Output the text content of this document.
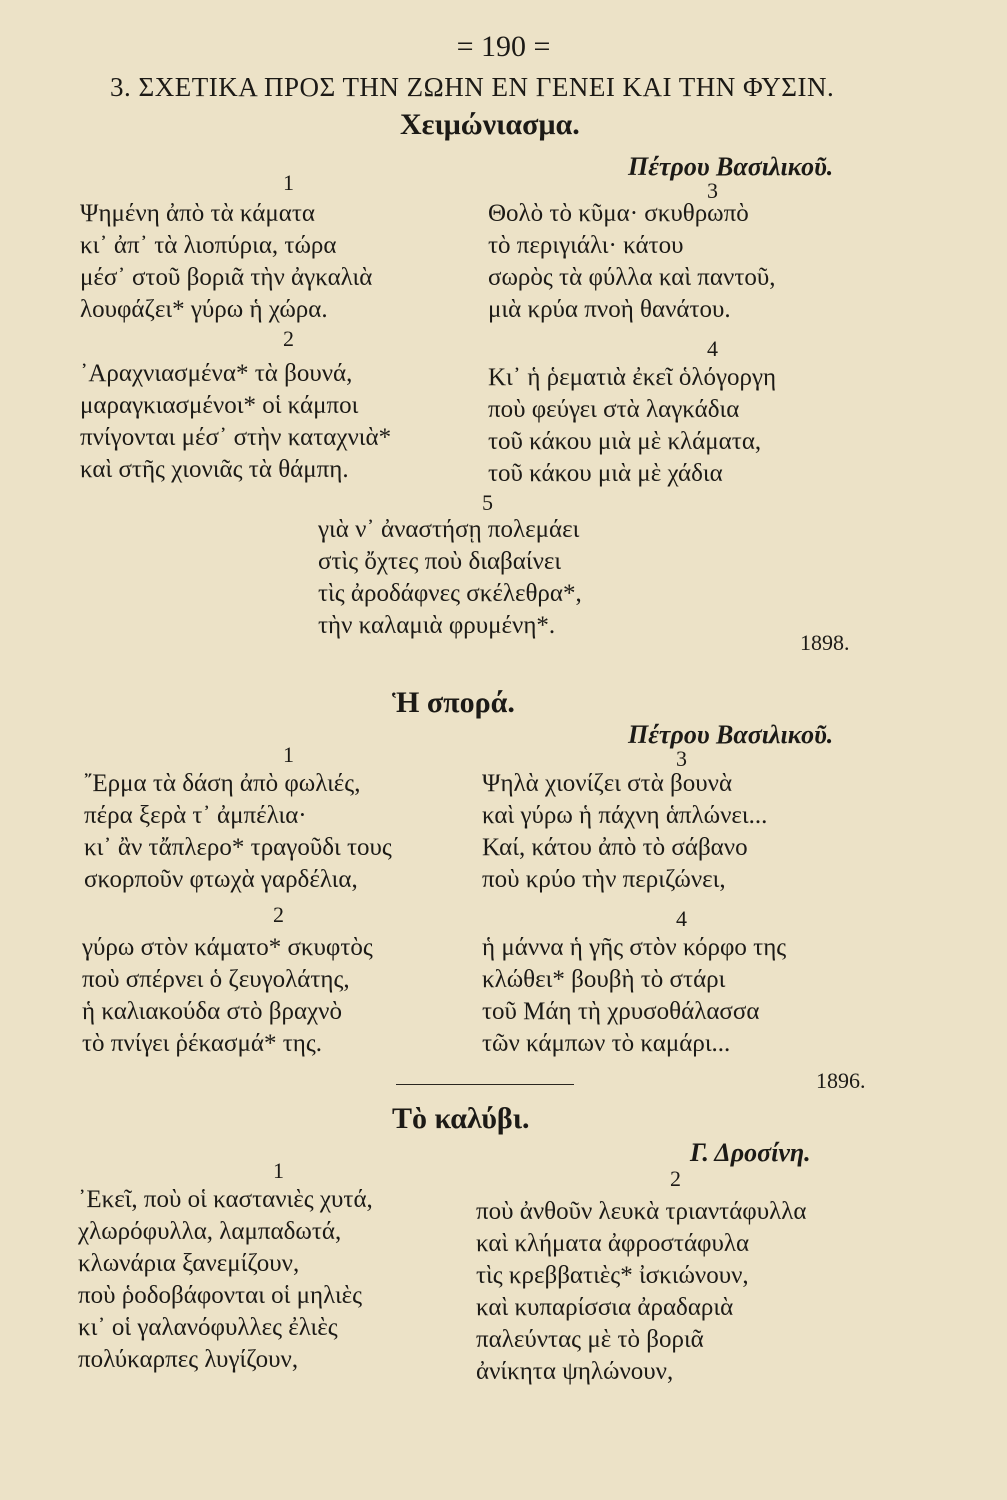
= 190 =
3. ΣΧΕΤΙΚΑ ΠΡΟΣ ΤΗΝ ΖΩΗΝ ΕΝ ΓΕΝΕΙ ΚΑΙ ΤΗΝ ΦΥΣΙΝ.
Χειμώνιασμα.
Πέτρου Βασιλικοῦ.
1
Ψημένη ἀπὸ τὰ κάματα
κι᾽ ἀπ᾽ τὰ λιοπύρια, τώρα
μέσ᾽ στοῦ βοριᾶ τὴν ἀγκαλιὰ
λουφάζει* γύρω ἡ χώρα.
2
᾽Αραχνιασμένα* τὰ βουνά,
μαραγκιασμένοι* οἱ κάμποι
πνίγονται μέσ᾽ στὴν καταχνιὰ*
καὶ στῆς χιονιᾶς τὰ θάμπη.
3
Θολὸ τὸ κῦμα· σκυθρωπὸ
τὸ περιγιάλι· κάτου
σωρὸς τὰ φύλλα καὶ παντοῦ,
μιὰ κρύα πνοὴ θανάτου.
4
Κι᾽ ἡ ῥεματιὰ ἐκεῖ ὁλόγοργη
ποὺ φεύγει στὰ λαγκάδια
τοῦ κάκου μιὰ μὲ κλάματα,
τοῦ κάκου μιὰ μὲ χάδια
5
γιὰ ν᾽ ἀναστήσῃ πολεμάει
στὶς ὄχτες ποὺ διαβαίνει
τὶς ἀροδάφνες σκέλεθρα*,
τὴν καλαμιὰ φρυμένη*.
1898.
Ἡ σπορά.
Πέτρου Βασιλικοῦ.
1
῎Ερμα τὰ δάση ἀπὸ φωλιές,
πέρα ξερὰ τ᾽ ἀμπέλια·
κι᾽ ἂν τἄπλερο* τραγοῦδι τους
σκορποῦν φτωχὰ γαρδέλια,
2
γύρω στὸν κάματο* σκυφτὸς
ποὺ σπέρνει ὁ ζευγολάτης,
ἡ καλιακούδα στὸ βραχνὸ
τὸ πνίγει ῥέκασμά* της.
3
Ψηλὰ χιονίζει στὰ βουνὰ
καὶ γύρω ἡ πάχνη ἁπλώνει...
Καί, κάτου ἀπὸ τὸ σάβανο
ποὺ κρύο τὴν περιζώνει,
4
ἡ μάννα ἡ γῆς στὸν κόρφο της
κλώθει* βουβὴ τὸ στάρι
τοῦ Μάη τὴ χρυσοθάλασσα
τῶν κάμπων τὸ καμάρι...
1896.
Τὸ καλύβι.
Γ. Δροσίνη.
1
᾽Εκεῖ, ποὺ οἱ καστανιὲς χυτά,
χλωρόφυλλα, λαμπαδωτά,
κλωνάρια ξανεμίζουν,
ποὺ ῥοδοβάφονται οἱ μηλιὲς
κι᾽ οἱ γαλανόφυλλες ἐλιὲς
πολύκαρπες λυγίζουν,
2
ποὺ ἀνθοῦν λευκὰ τριαντάφυλλα
καὶ κλήματα ἀφροστάφυλα
τὶς κρεββατιὲς* ἰσκιώνουν,
καὶ κυπαρίσσια ἀραδαριὰ
παλεύντας μὲ τὸ βοριᾶ
ἀνίκητα ψηλώνουν,
